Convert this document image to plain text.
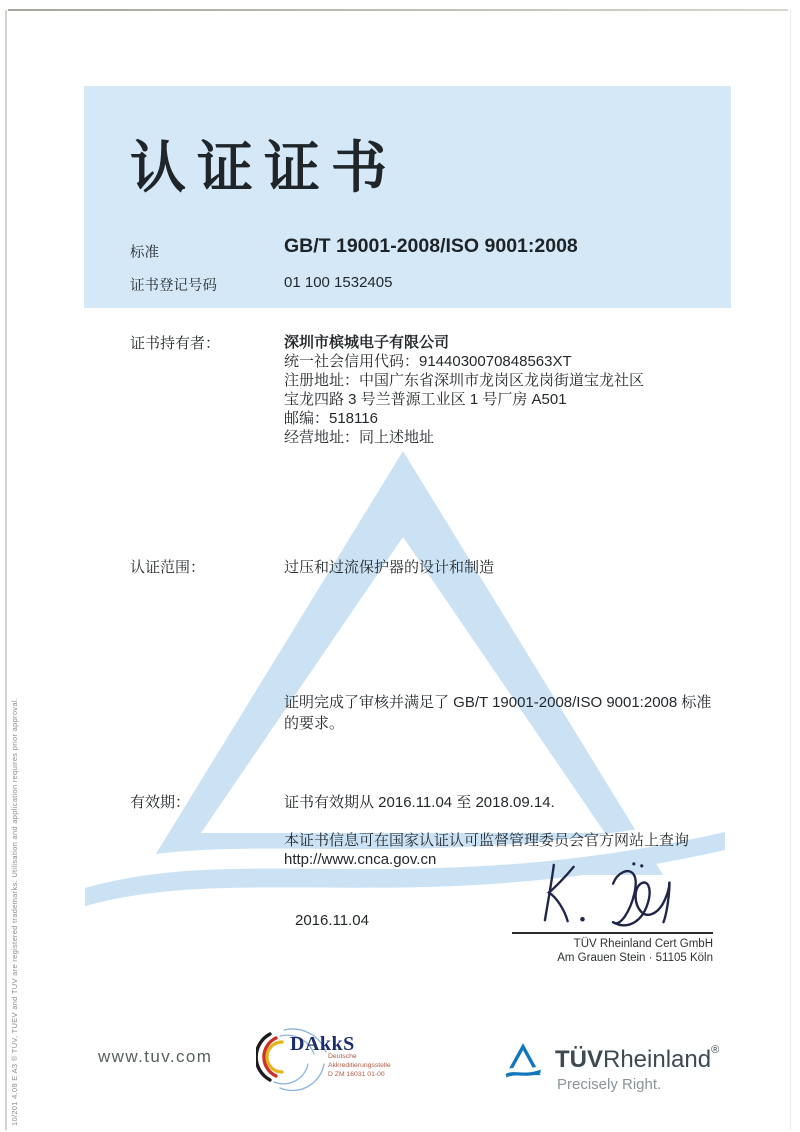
10/201 4.08 E A3 ® TÜV, TUEV and TUV are registered trademarks. Utilisation and application requires prior approval.
认证证书
标准	GB/T 19001-2008/ISO 9001:2008
证书登记号码	01 100 1532405
证书持有者：	深圳市槟城电子有限公司
统一社会信用代码：9144030070848563XT
注册地址：中国广东省深圳市龙岗区龙岗街道宝龙社区
宝龙四路 3 号兰普源工业区 1 号厂房 A501
邮编：518116
经营地址：同上述地址
认证范围：	过压和过流保护器的设计和制造
证明完成了审核并满足了 GB/T 19001-2008/ISO 9001:2008 标准
的要求。
有效期：	证书有效期从 2016.11.04 至 2018.09.14.
本证书信息可在国家认证认可监督管理委员会官方网站上查询
http://www.cnca.gov.cn
2016.11.04
TÜV Rheinland Cert GmbH
Am Grauen Stein · 51105 Köln
www.tuv.com
DAkkS
Deutsche
Akkreditierungsstelle
D ZM 16031 01-00
TÜVRheinland®
Precisely Right.
